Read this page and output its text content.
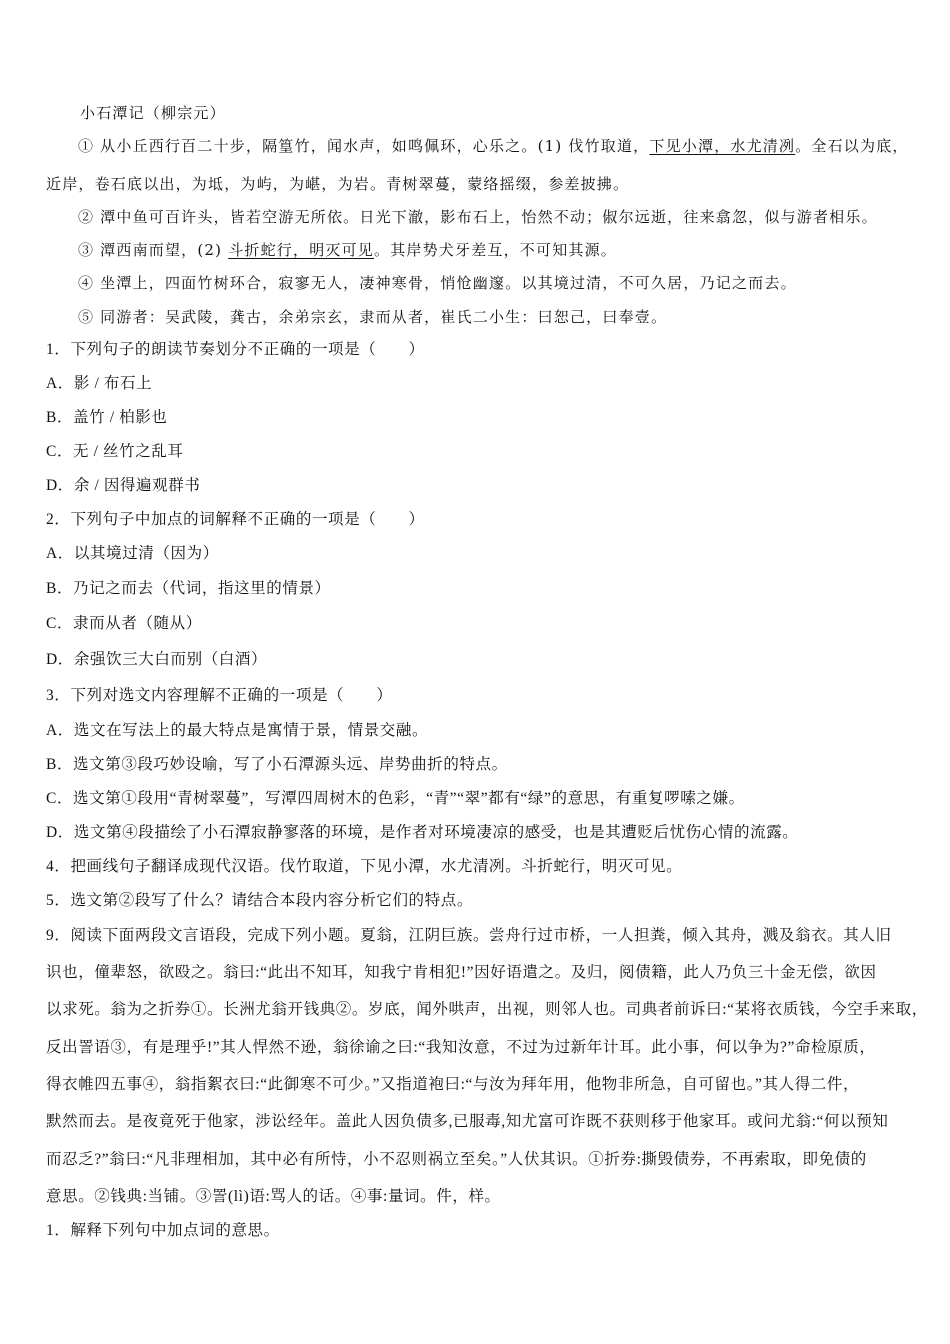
小石潭记（柳宗元）
① 从小丘西行百二十步，隔篁竹，闻水声，如鸣佩环，心乐之。(1) 伐竹取道，下见小潭，水尤清冽。全石以为底，
近岸，卷石底以出，为坻，为屿，为嵁，为岩。青树翠蔓，蒙络摇缀，参差披拂。
② 潭中鱼可百许头，皆若空游无所依。日光下澈，影布石上，怡然不动；俶尔远逝，往来翕忽，似与游者相乐。
③ 潭西南而望，(2) 斗折蛇行，明灭可见。其岸势犬牙差互，不可知其源。
④ 坐潭上，四面竹树环合，寂寥无人，凄神寒骨，悄怆幽邃。以其境过清，不可久居，乃记之而去。
⑤ 同游者：吴武陵，龚古，余弟宗玄，隶而从者，崔氏二小生：曰恕己，曰奉壹。
1．下列句子的朗读节奏划分不正确的一项是（　　）
A．影 / 布石上
B．盖竹 / 柏影也
C．无 / 丝竹之乱耳
D．余 / 因得遍观群书
2．下列句子中加点的词解释不正确的一项是（　　）
A．以其境过清（因为）
B．乃记之而去（代词，指这里的情景）
C．隶而从者（随从）
D．余强饮三大白而别（白酒）
3．下列对选文内容理解不正确的一项是（　　）
A．选文在写法上的最大特点是寓情于景，情景交融。
B．选文第③段巧妙设喻，写了小石潭源头远、岸势曲折的特点。
C．选文第①段用“青树翠蔓”，写潭四周树木的色彩，“青”“翠”都有“绿”的意思，有重复啰嗦之嫌。
D．选文第④段描绘了小石潭寂静寥落的环境，是作者对环境凄凉的感受，也是其遭贬后忧伤心情的流露。
4．把画线句子翻译成现代汉语。伐竹取道，下见小潭，水尤清冽。斗折蛇行，明灭可见。
5．选文第②段写了什么？请结合本段内容分析它们的特点。
9．阅读下面两段文言语段，完成下列小题。夏翁，江阴巨族。尝舟行过市桥，一人担粪，倾入其舟，溅及翁衣。其人旧
识也，僮辈怒，欲殴之。翁曰:“此出不知耳，知我宁肯相犯!”因好语遣之。及归，阅债籍，此人乃负三十金无偿，欲因
以求死。翁为之折券①。长洲尤翁开钱典②。岁底，闻外哄声，出视，则邻人也。司典者前诉曰:“某将衣质钱，今空手来取，
反出詈语③，有是理乎!”其人悍然不逊，翁徐谕之曰:“我知汝意，不过为过新年计耳。此小事，何以争为?”命检原质，
得衣帷四五事④，翁指絮衣曰:“此御寒不可少。”又指道袍曰:“与汝为拜年用，他物非所急，自可留也。”其人得二件，
默然而去。是夜竟死于他家，涉讼经年。盖此人因负债多,已服毒,知尤富可诈既不获则移于他家耳。或问尤翁:“何以预知
而忍乏?”翁曰:“凡非理相加，其中必有所恃，小不忍则祸立至矣。”人伏其识。①折券:撕毁债券，不再索取，即免债的
意思。②钱典:当铺。③詈(lì)语:骂人的话。④事:量词。件，样。
1．解释下列句中加点词的意思。
